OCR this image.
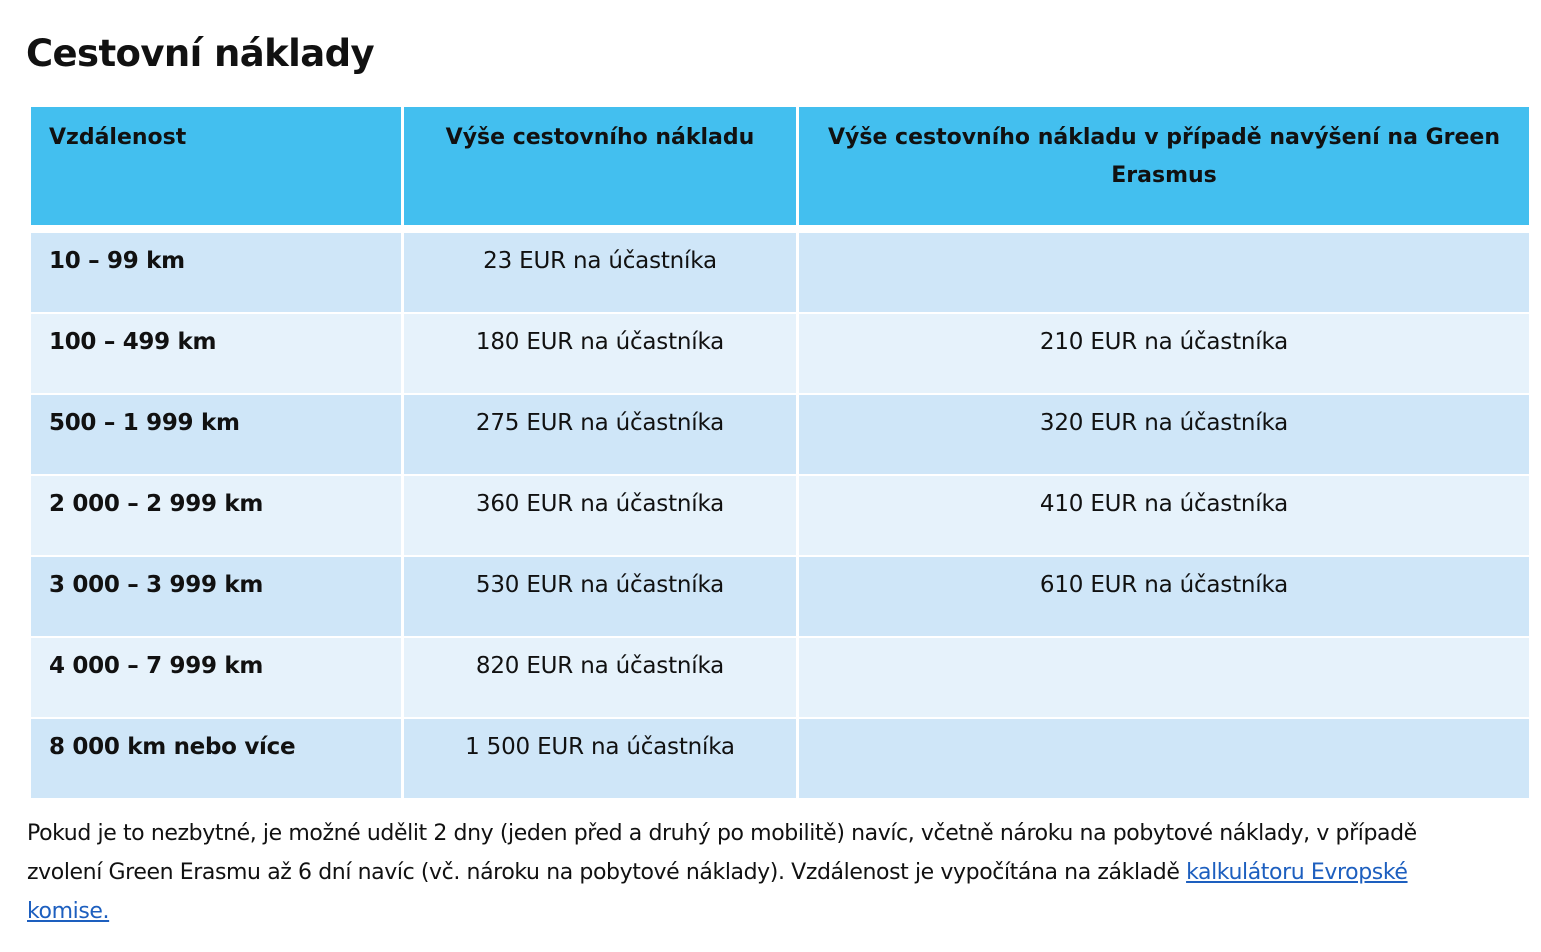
Cestovní náklady
Vzdálenost	Výše cestovního nákladu	Výše cestovního nákladu v případě navýšení na Green Erasmus

10 – 99 km	23 EUR na účastníka	
100 – 499 km	180 EUR na účastníka	210 EUR na účastníka
500 – 1 999 km	275 EUR na účastníka	320 EUR na účastníka
2 000 – 2 999 km	360 EUR na účastníka	410 EUR na účastníka
3 000 – 3 999 km	530 EUR na účastníka	610 EUR na účastníka
4 000 – 7 999 km	820 EUR na účastníka	
8 000 km nebo více	1 500 EUR na účastníka	

Pokud je to nezbytné, je možné udělit 2 dny (jeden před a druhý po mobilitě) navíc, včetně nároku na pobytové náklady, v případě zvolení Green Erasmu až 6 dní navíc (vč. nároku na pobytové náklady). Vzdálenost je vypočítána na základě kalkulátoru Evropské komise.
